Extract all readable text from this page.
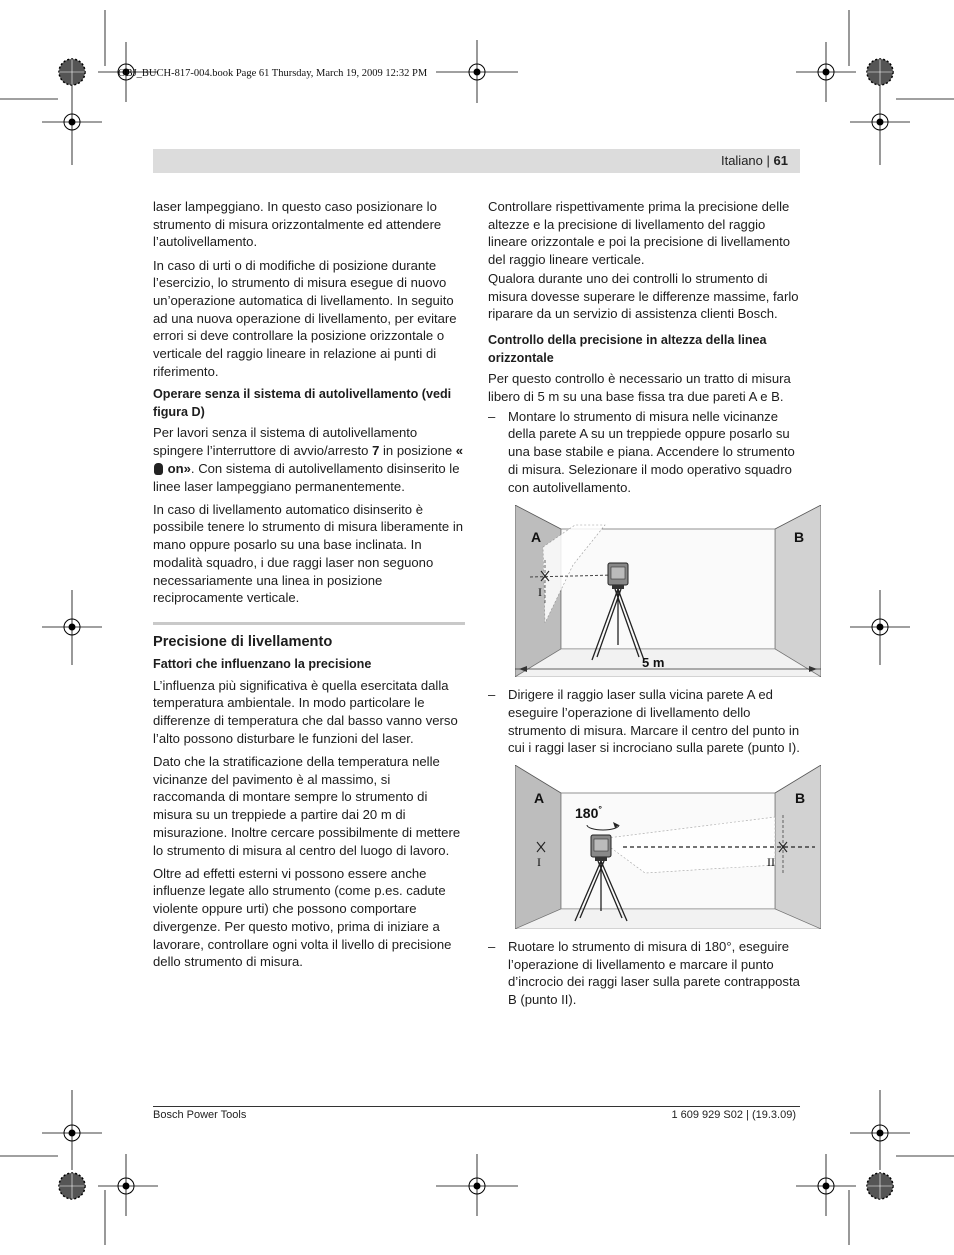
OBJ_BUCH-817-004.book Page 61 Thursday, March 19, 2009 12:32 PM
Italiano | 61

laser lampeggiano. In questo caso posizionare lo strumento di misura orizzontalmente ed attendere l’autolivellamento.

In caso di urti o di modifiche di posizione durante l’esercizio, lo strumento di misura esegue di nuovo un’operazione automatica di livellamento. In seguito ad una nuova operazione di livellamento, per evitare errori si deve controllare la posizione orizzontale o verticale del raggio lineare in relazione ai punti di riferimento.

Operare senza il sistema di autolivellamento (vedi figura D)

Per lavori senza il sistema di autolivellamento spingere l’interruttore di avvio/arresto 7 in posizione « on». Con sistema di autolivellamento disinserito le linee laser lampeggiano permanentemente.

In caso di livellamento automatico disinserito è possibile tenere lo strumento di misura liberamente in mano oppure posarlo su una base inclinata. In modalità squadro, i due raggi laser non seguono necessariamente una linea in posizione reciprocamente verticale.

Precisione di livellamento
Fattori che influenzano la precisione

L’influenza più significativa è quella esercitata dalla temperatura ambientale. In modo particolare le differenze di temperatura che dal basso vanno verso l’alto possono disturbare le funzioni del laser.

Dato che la stratificazione della temperatura nelle vicinanze del pavimento è al massimo, si raccomanda di montare sempre lo strumento di misura su un treppiede a partire dai 20 m di misurazione. Inoltre cercare possibilmente di mettere lo strumento di misura al centro del luogo di lavoro.

Oltre ad effetti esterni vi possono essere anche influenze legate allo strumento (come p.es. cadute violente oppure urti) che possono comportare divergenze. Per questo motivo, prima di iniziare a lavorare, controllare ogni volta il livello di precisione dello strumento di misura.

Controllare rispettivamente prima la precisione delle altezze e la precisione di livellamento del raggio lineare orizzontale e poi la precisione di livellamento del raggio lineare verticale.

Qualora durante uno dei controlli lo strumento di misura dovesse superare le differenze massime, farlo riparare da un servizio di assistenza clienti Bosch.

Controllo della precisione in altezza della linea orizzontale

Per questo controllo è necessario un tratto di misura libero di 5 m su una base fissa tra due pareti A e B.

– Montare lo strumento di misura nelle vicinanze della parete A su un treppiede oppure posarlo su una base stabile e piana. Accendere lo strumento di misura. Selezionare il modo operativo squadro con autolivellamento.
A	B
5 m
I
– Dirigere il raggio laser sulla vicina parete A ed eseguire l’operazione di livellamento dello strumento di misura. Marcare il centro del punto in cui i raggi laser si incrociano sulla parete (punto I).
A	B
180°
I	II
– Ruotare lo strumento di misura di 180°, eseguire l’operazione di livellamento e marcare il punto d’incrocio dei raggi laser sulla parete contrapposta B (punto II).
Bosch Power Tools	1 609 929 S02 | (19.3.09)
